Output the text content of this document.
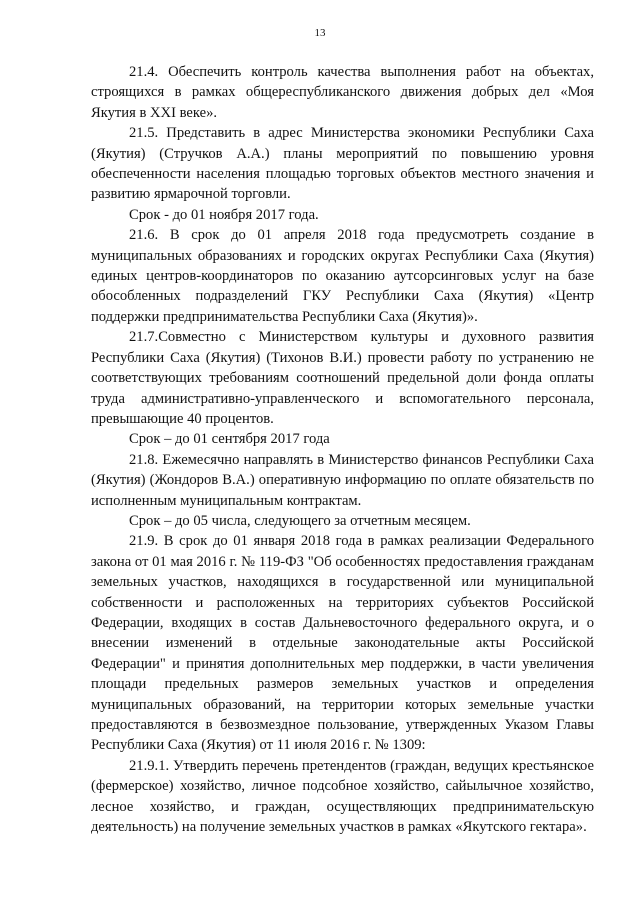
13

21.4. Обеспечить контроль качества выполнения работ на объектах, строящихся в рамках общереспубликанского движения добрых дел «Моя Якутия в XXI веке».

21.5. Представить в адрес Министерства экономики Республики Саха (Якутия) (Стручков А.А.) планы мероприятий по повышению уровня обеспеченности населения площадью торговых объектов местного значения и развитию ярмарочной торговли.

Срок - до 01 ноября 2017 года.

21.6. В срок до 01 апреля 2018 года предусмотреть создание в муниципальных образованиях и городских округах Республики Саха (Якутия) единых центров-координаторов по оказанию аутсорсинговых услуг на базе обособленных подразделений ГКУ Республики Саха (Якутия) «Центр поддержки предпринимательства Республики Саха (Якутия)».

21.7.Совместно с Министерством культуры и духовного развития Республики Саха (Якутия) (Тихонов В.И.) провести работу по устранению не соответствующих требованиям соотношений предельной доли фонда оплаты труда административно-управленческого и вспомогательного персонала, превышающие 40 процентов.

Срок – до 01 сентября 2017 года

21.8. Ежемесячно направлять в Министерство финансов Республики Саха (Якутия) (Жондоров В.А.) оперативную информацию по оплате обязательств по исполненным муниципальным контрактам.

Срок – до 05 числа, следующего за отчетным месяцем.

21.9. В срок до 01 января 2018 года в рамках реализации Федерального закона от 01 мая 2016 г. № 119-ФЗ "Об особенностях предоставления гражданам земельных участков, находящихся в государственной или муниципальной собственности и расположенных на территориях субъектов Российской Федерации, входящих в состав Дальневосточного федерального округа, и о внесении изменений в отдельные законодательные акты Российской Федерации" и принятия дополнительных мер поддержки, в части увеличения площади предельных размеров земельных участков и определения муниципальных образований, на территории которых земельные участки предоставляются в безвозмездное пользование, утвержденных Указом Главы Республики Саха (Якутия) от 11 июля 2016 г. № 1309:

21.9.1. Утвердить перечень претендентов (граждан, ведущих крестьянское (фермерское) хозяйство, личное подсобное хозяйство, сайылычное хозяйство, лесное хозяйство, и граждан, осуществляющих предпринимательскую деятельность) на получение земельных участков в рамках «Якутского гектара».
